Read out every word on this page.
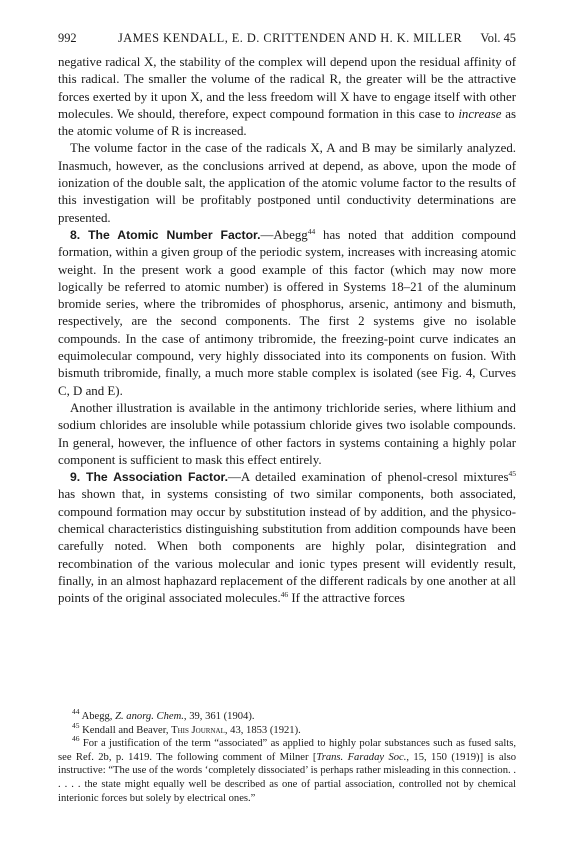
992	JAMES KENDALL, E. D. CRITTENDEN AND H. K. MILLER Vol. 45

negative radical X, the stability of the complex will depend upon the residual affinity of this radical. The smaller the volume of the radical R, the greater will be the attractive forces exerted by it upon X, and the less freedom will X have to engage itself with other molecules. We should, therefore, expect compound formation in this case to increase as the atomic volume of R is increased.

The volume factor in the case of the radicals X, A and B may be similarly analyzed. Inasmuch, however, as the conclusions arrived at depend, as above, upon the mode of ionization of the double salt, the application of the atomic volume factor to the results of this investigation will be profitably postponed until conductivity determinations are presented.

8. The Atomic Number Factor.—Abegg$^{44}$ has noted that addition compound formation, within a given group of the periodic system, increases with increasing atomic weight. In the present work a good example of this factor (which may now more logically be referred to atomic number) is offered in Systems 18–21 of the aluminum bromide series, where the tribromides of phosphorus, arsenic, antimony and bismuth, respectively, are the second components. The first 2 systems give no isolable compounds. In the case of antimony tribromide, the freezing-point curve indicates an equimolecular compound, very highly dissociated into its components on fusion. With bismuth tribromide, finally, a much more stable complex is isolated (see Fig. 4, Curves C, D and E).

Another illustration is available in the antimony trichloride series, where lithium and sodium chlorides are insoluble while potassium chloride gives two isolable compounds. In general, however, the influence of other factors in systems containing a highly polar component is sufficient to mask this effect entirely.

9. The Association Factor.—A detailed examination of phenol-cresol mixtures$^{45}$ has shown that, in systems consisting of two similar components, both associated, compound formation may occur by substitution instead of by addition, and the physico-chemical characteristics distinguishing substitution from addition compounds have been carefully noted. When both components are highly polar, disintegration and recombination of the various molecular and ionic types present will evidently result, finally, in an almost haphazard replacement of the different radicals by one another at all points of the original associated molecules.$^{46}$ If the attractive forces

$^{44}$ Abegg, Z. anorg. Chem., 39, 361 (1904).

$^{45}$ Kendall and Beaver, This Journal, 43, 1853 (1921).

$^{46}$ For a justification of the term “associated” as applied to highly polar substances such as fused salts, see Ref. 2b, p. 1419. The following comment of Milner [Trans. Faraday Soc., 15, 150 (1919)] is also instructive: “The use of the words ‘completely dissociated’ is perhaps rather misleading in this connection. . . . . . the state might equally well be described as one of partial association, controlled not by chemical interionic forces but solely by electrical ones.”
